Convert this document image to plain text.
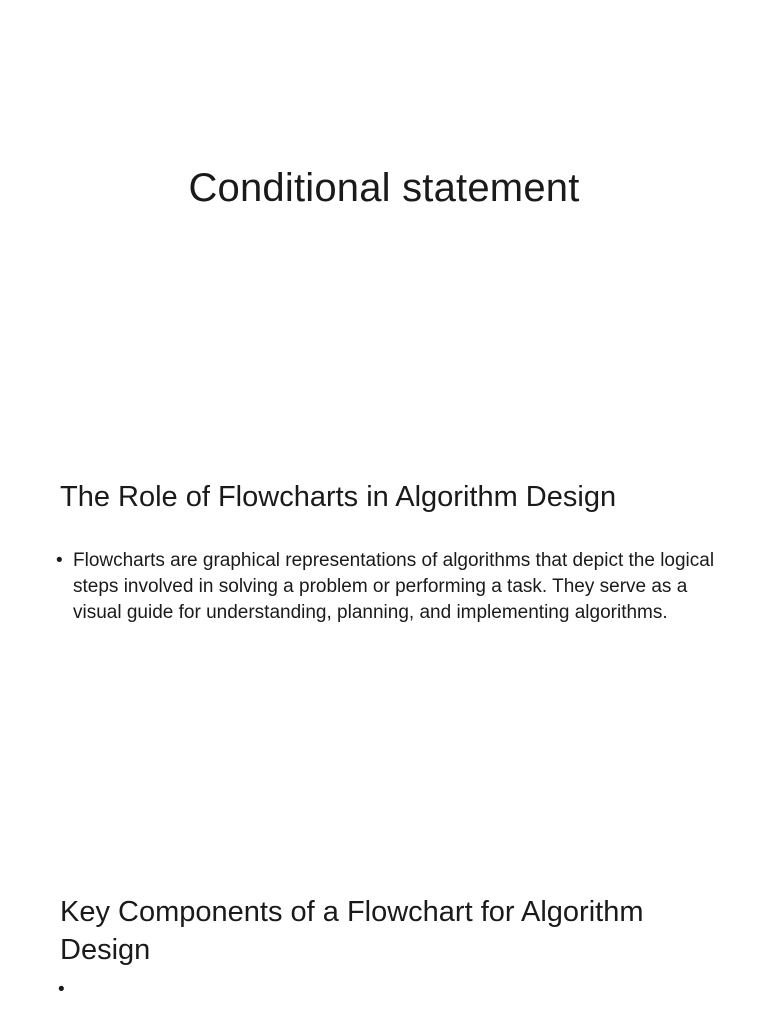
Conditional statement
The Role of Flowcharts in Algorithm Design
• Flowcharts are graphical representations of algorithms that depict the logical steps involved in solving a problem or performing a task. They serve as a visual guide for understanding, planning, and implementing algorithms.
Key Components of a Flowchart for Algorithm Design
•
